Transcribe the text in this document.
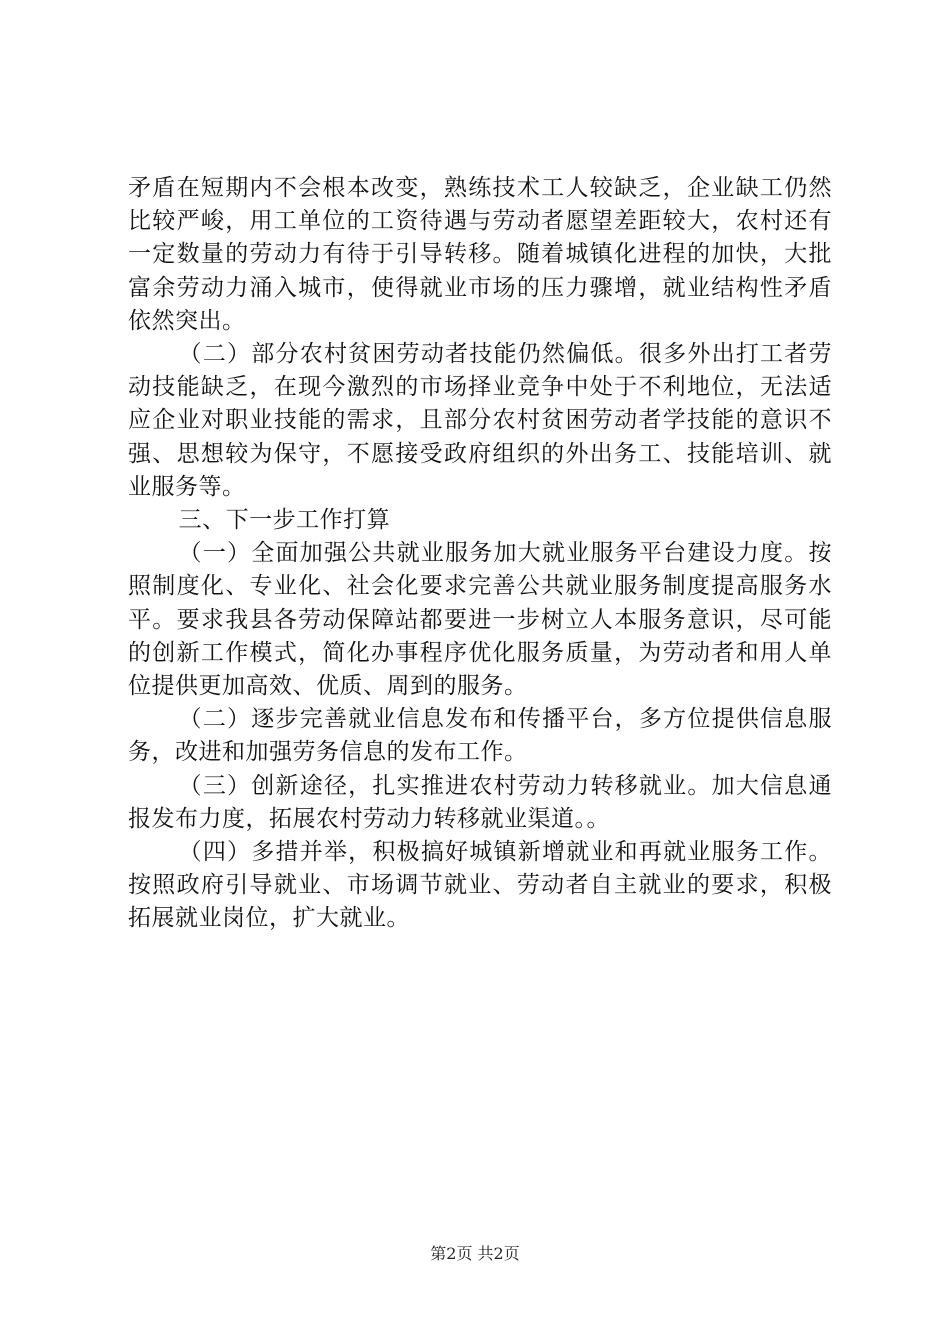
矛盾在短期内不会根本改变，熟练技术工人较缺乏，企业缺工仍然比较严峻，用工单位的工资待遇与劳动者愿望差距较大，农村还有一定数量的劳动力有待于引导转移。随着城镇化进程的加快，大批富余劳动力涌入城市，使得就业市场的压力骤增，就业结构性矛盾依然突出。

（二）部分农村贫困劳动者技能仍然偏低。很多外出打工者劳动技能缺乏，在现今激烈的市场择业竞争中处于不利地位，无法适应企业对职业技能的需求，且部分农村贫困劳动者学技能的意识不强、思想较为保守，不愿接受政府组织的外出务工、技能培训、就业服务等。

三、下一步工作打算

（一）全面加强公共就业服务加大就业服务平台建设力度。按照制度化、专业化、社会化要求完善公共就业服务制度提高服务水平。要求我县各劳动保障站都要进一步树立人本服务意识，尽可能的创新工作模式，简化办事程序优化服务质量，为劳动者和用人单位提供更加高效、优质、周到的服务。

（二）逐步完善就业信息发布和传播平台，多方位提供信息服务，改进和加强劳务信息的发布工作。

（三）创新途径，扎实推进农村劳动力转移就业。加大信息通报发布力度，拓展农村劳动力转移就业渠道。。

（四）多措并举，积极搞好城镇新增就业和再就业服务工作。按照政府引导就业、市场调节就业、劳动者自主就业的要求，积极拓展就业岗位，扩大就业。

第2页 共2页
